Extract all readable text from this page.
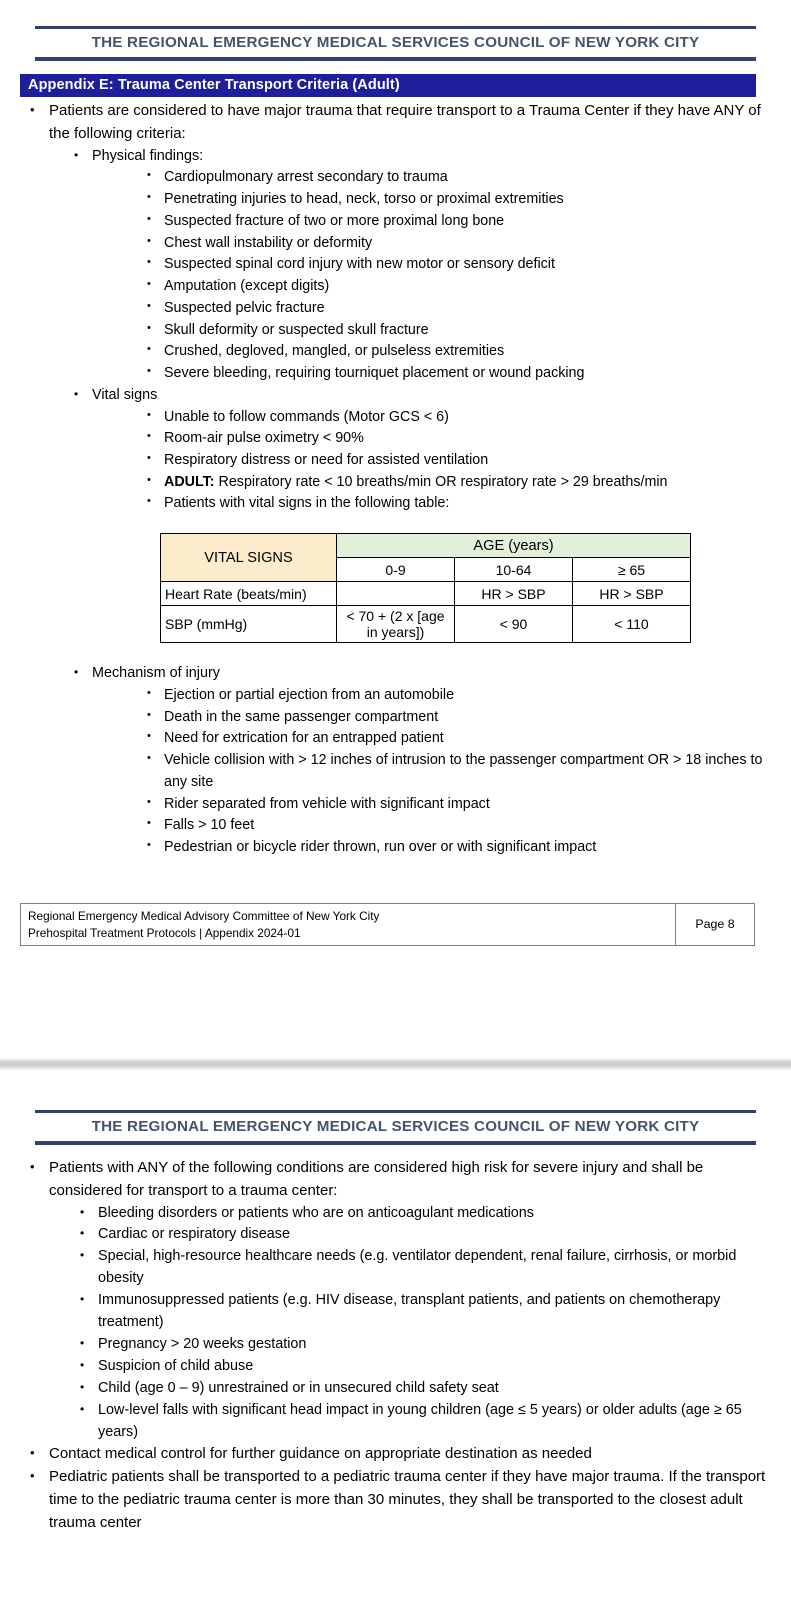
THE REGIONAL EMERGENCY MEDICAL SERVICES COUNCIL OF NEW YORK CITY
Appendix E: Trauma Center Transport Criteria (Adult)
• Patients are considered to have major trauma that require transport to a Trauma Center if they have ANY of the following criteria:
• Physical findings:
• Cardiopulmonary arrest secondary to trauma
• Penetrating injuries to head, neck, torso or proximal extremities
• Suspected fracture of two or more proximal long bone
• Chest wall instability or deformity
• Suspected spinal cord injury with new motor or sensory deficit
• Amputation (except digits)
• Suspected pelvic fracture
• Skull deformity or suspected skull fracture
• Crushed, degloved, mangled, or pulseless extremities
• Severe bleeding, requiring tourniquet placement or wound packing
• Vital signs
• Unable to follow commands (Motor GCS < 6)
• Room-air pulse oximetry < 90%
• Respiratory distress or need for assisted ventilation
• ADULT: Respiratory rate < 10 breaths/min OR respiratory rate > 29 breaths/min
• Patients with vital signs in the following table:
VITAL SIGNS	AGE (years)		
	0-9	10-64	≥ 65
Heart Rate (beats/min)		HR > SBP	HR > SBP
SBP (mmHg)	< 70 + (2 x [age in years])	< 90	< 110
• Mechanism of injury
• Ejection or partial ejection from an automobile
• Death in the same passenger compartment
• Need for extrication for an entrapped patient
• Vehicle collision with > 12 inches of intrusion to the passenger compartment OR > 18 inches to any site
• Rider separated from vehicle with significant impact
• Falls > 10 feet
• Pedestrian or bicycle rider thrown, run over or with significant impact
Regional Emergency Medical Advisory Committee of New York City
Prehospital Treatment Protocols | Appendix 2024-01
Page 8
THE REGIONAL EMERGENCY MEDICAL SERVICES COUNCIL OF NEW YORK CITY
• Patients with ANY of the following conditions are considered high risk for severe injury and shall be considered for transport to a trauma center:
• Bleeding disorders or patients who are on anticoagulant medications
• Cardiac or respiratory disease
• Special, high-resource healthcare needs (e.g. ventilator dependent, renal failure, cirrhosis, or morbid obesity
• Immunosuppressed patients (e.g. HIV disease, transplant patients, and patients on chemotherapy treatment)
• Pregnancy > 20 weeks gestation
• Suspicion of child abuse
• Child (age 0 – 9) unrestrained or in unsecured child safety seat
• Low-level falls with significant head impact in young children (age ≤ 5 years) or older adults (age ≥ 65 years)
• Contact medical control for further guidance on appropriate destination as needed
• Pediatric patients shall be transported to a pediatric trauma center if they have major trauma. If the transport time to the pediatric trauma center is more than 30 minutes, they shall be transported to the closest adult trauma center
